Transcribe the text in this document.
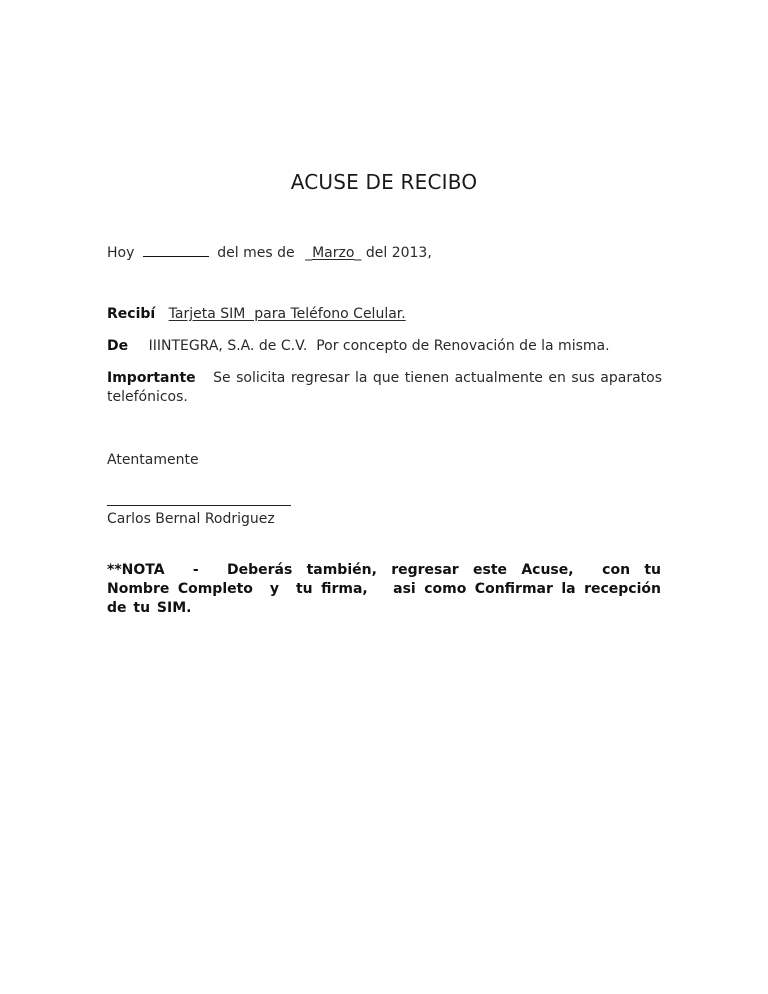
ACUSE DE RECIBO
Hoy	del mes de _Marzo_ del 2013,
Recibí Tarjeta SIM  para Teléfono Celular.
De IIINTEGRA, S.A. de C.V.  Por concepto de Renovación de la misma.
Importante Se solicita regresar la que tienen actualmente en sus aparatos telefónicos.
Atentamente
Carlos Bernal Rodriguez
**NOTA - Deberás también, regresar este Acuse,  con tu Nombre Completo  y  tu firma,   asi como Confirmar la recepción de tu SIM.
